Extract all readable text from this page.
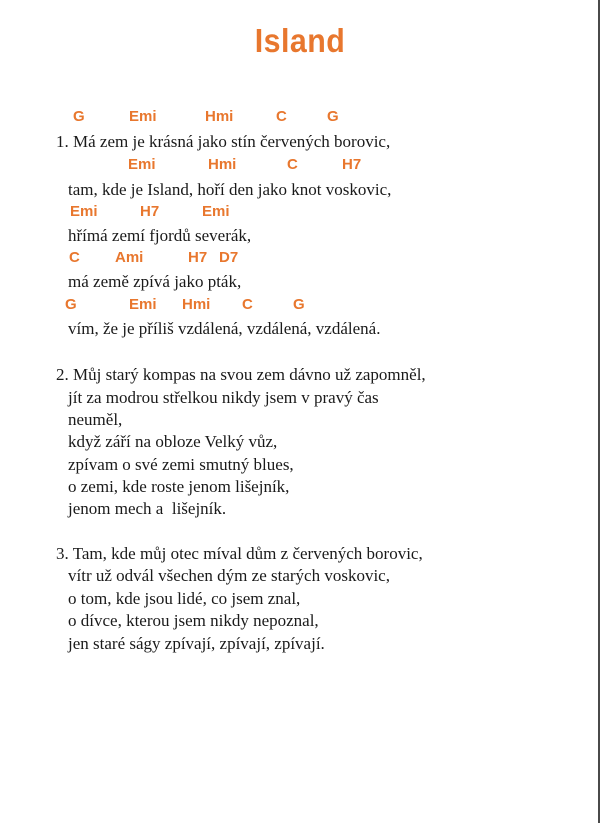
Island
G	Emi	Hmi	C	G
Emi	Hmi	C	H7
Emi	H7	Emi
C Ami	H7 D7
G	Emi Hmi C	G
1. Má zem je krásná jako stín červených borovic,
tam, kde je Island, hoří den jako knot voskovic,
hřímá zemí fjordů severák,
má země zpívá jako pták,
vím, že je příliš vzdálená, vzdálená, vzdálená.
2. Můj starý kompas na svou zem dávno už zapomněl,
jít za modrou střelkou nikdy jsem v pravý čas
neuměl,
když září na obloze Velký vůz,
zpívam o své zemi smutný blues,
o zemi, kde roste jenom lišejník,
jenom mech a  lišejník.
3. Tam, kde můj otec míval dům z červených borovic,
vítr už odvál všechen dým ze starých voskovic,
o tom, kde jsou lidé, co jsem znal,
o dívce, kterou jsem nikdy nepoznal,
jen staré ságy zpívají, zpívají, zpívají.
